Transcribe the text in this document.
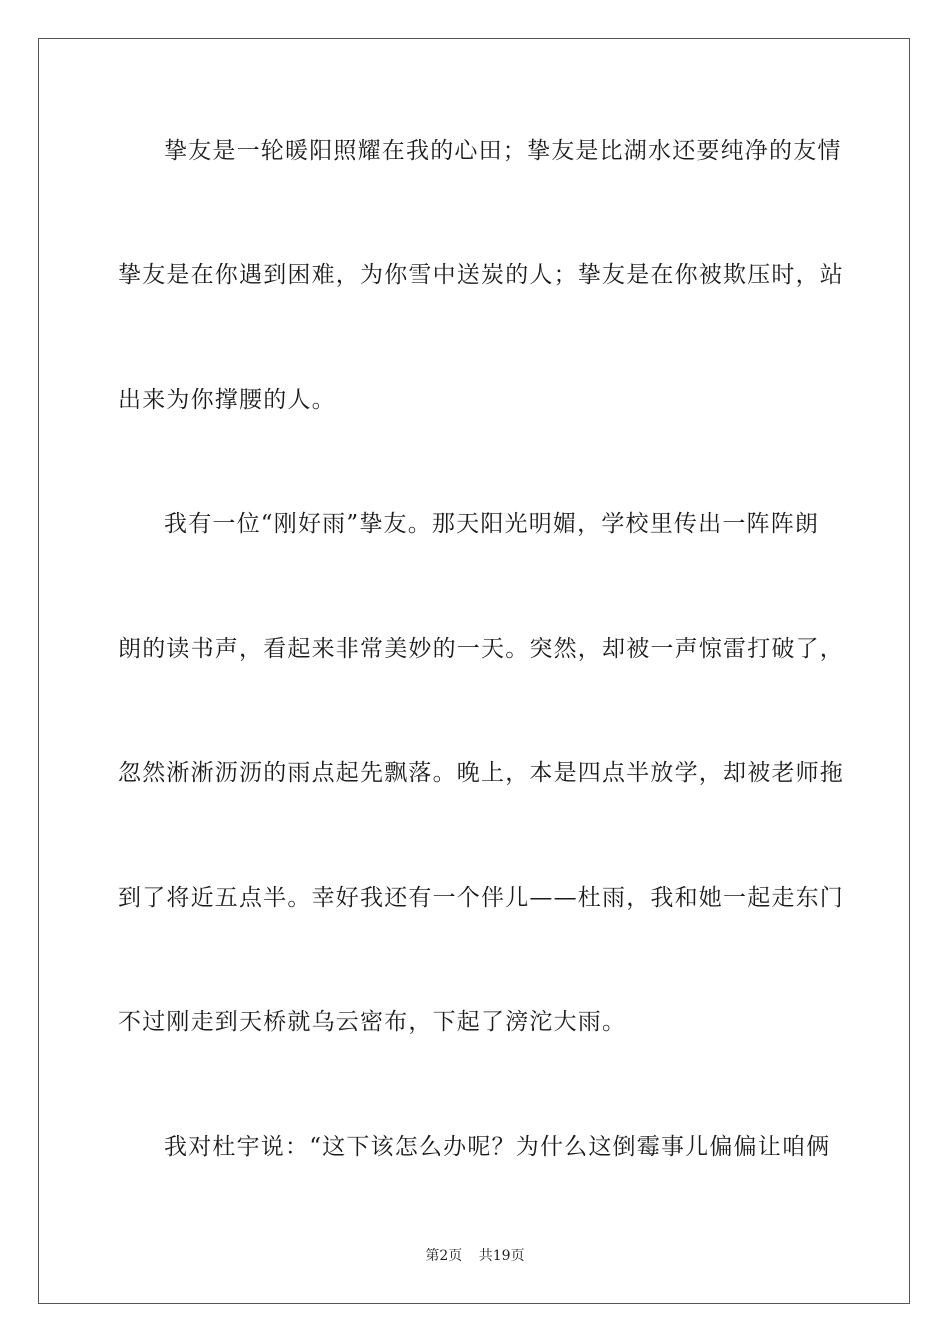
挚友是一轮暖阳照耀在我的心田；挚友是比湖水还要纯净的友情
挚友是在你遇到困难，为你雪中送炭的人；挚友是在你被欺压时，站
出来为你撑腰的人。
我有一位“刚好雨”挚友。那天阳光明媚，学校里传出一阵阵朗
朗的读书声，看起来非常美妙的一天。突然，却被一声惊雷打破了，
忽然淅淅沥沥的雨点起先飘落。晚上，本是四点半放学，却被老师拖
到了将近五点半。幸好我还有一个伴儿——杜雨，我和她一起走东门
不过刚走到天桥就乌云密布，下起了滂沱大雨。
我对杜宇说：“这下该怎么办呢？为什么这倒霉事儿偏偏让咱俩
第2页 共19页
